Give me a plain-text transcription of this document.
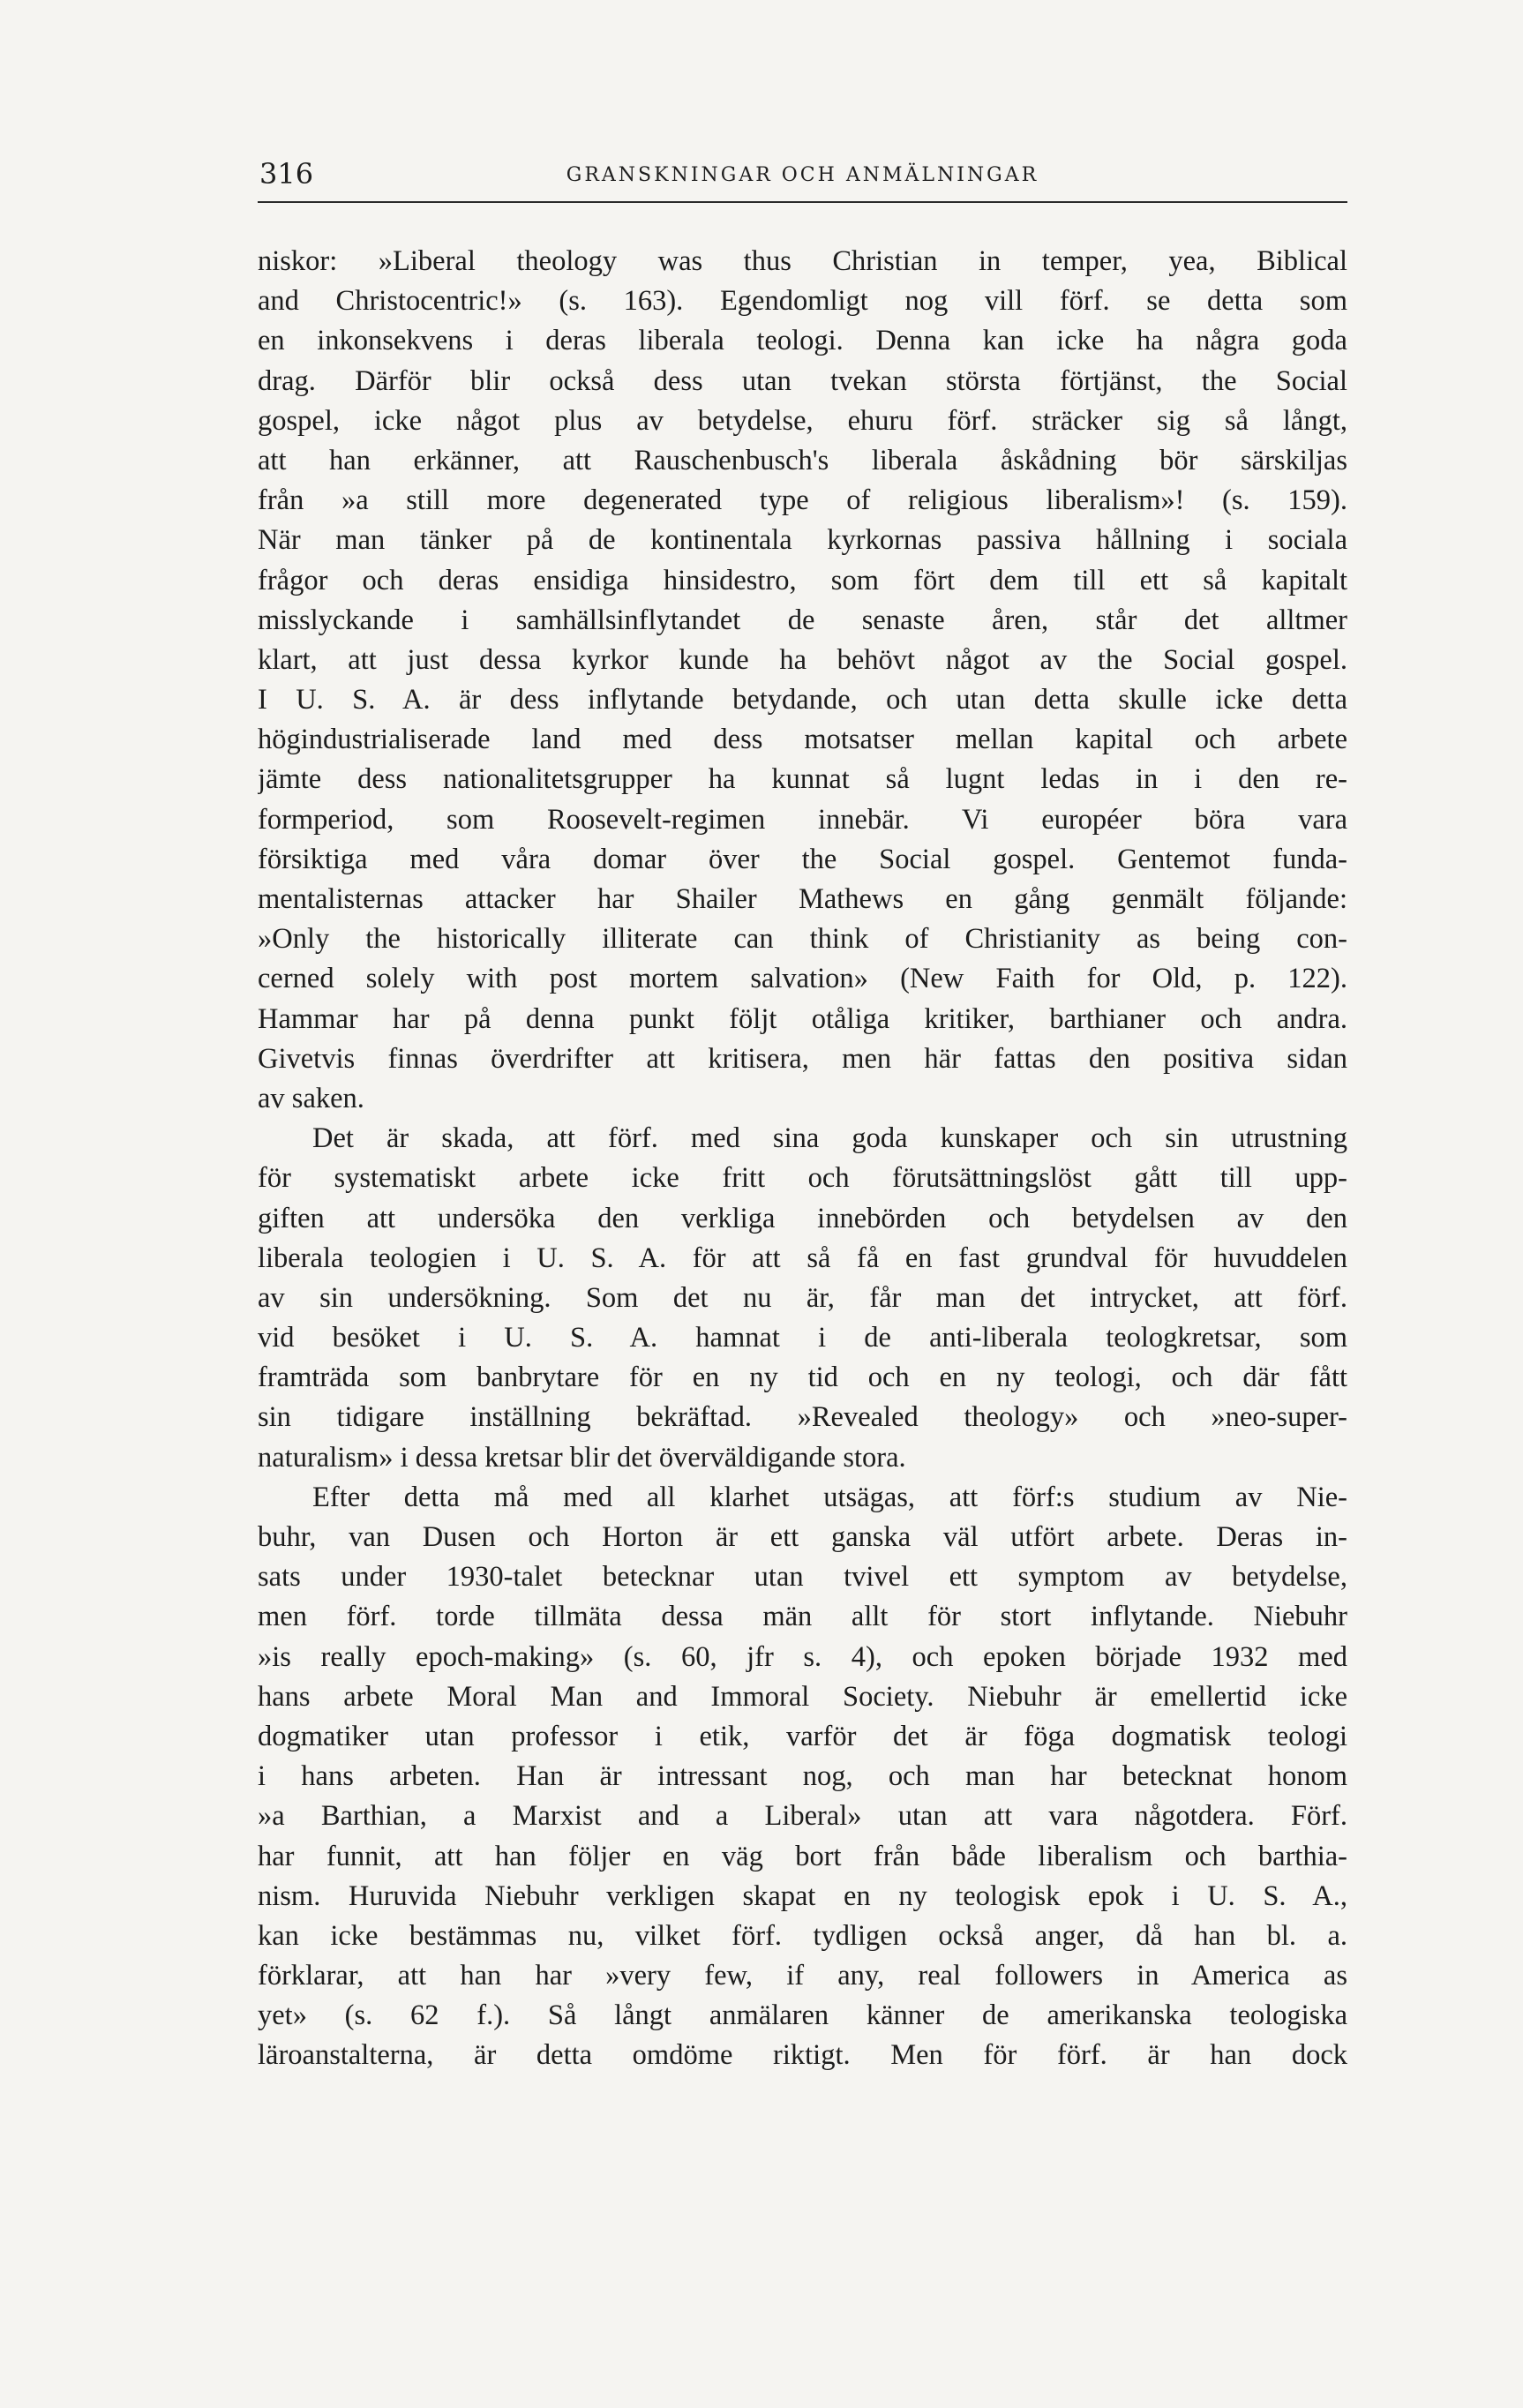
316	GRANSKNINGAR OCH ANMÄLNINGAR
niskor: »Liberal theology was thus Christian in temper, yea, Biblical
and Christocentric!» (s. 163). Egendomligt nog vill förf. se detta som
en inkonsekvens i deras liberala teologi. Denna kan icke ha några goda
drag. Därför blir också dess utan tvekan största förtjänst, the Social
gospel, icke något plus av betydelse, ehuru förf. sträcker sig så långt,
att han erkänner, att Rauschenbusch's liberala åskådning bör särskiljas
från »a still more degenerated type of religious liberalism»! (s. 159).
När man tänker på de kontinentala kyrkornas passiva hållning i sociala
frågor och deras ensidiga hinsidestro, som fört dem till ett så kapitalt
misslyckande i samhällsinflytandet de senaste åren, står det alltmer
klart, att just dessa kyrkor kunde ha behövt något av the Social gospel.
I U. S. A. är dess inflytande betydande, och utan detta skulle icke detta
högindustrialiserade land med dess motsatser mellan kapital och arbete
jämte dess nationalitetsgrupper ha kunnat så lugnt ledas in i den re-
formperiod, som Roosevelt-regimen innebär. Vi européer böra vara
försiktiga med våra domar över the Social gospel. Gentemot funda-
mentalisternas attacker har Shailer Mathews en gång genmält följande:
»Only the historically illiterate can think of Christianity as being con-
cerned solely with post mortem salvation» (New Faith for Old, p. 122).
Hammar har på denna punkt följt otåliga kritiker, barthianer och andra.
Givetvis finnas överdrifter att kritisera, men här fattas den positiva sidan
av saken.
Det är skada, att förf. med sina goda kunskaper och sin utrustning
för systematiskt arbete icke fritt och förutsättningslöst gått till upp-
giften att undersöka den verkliga innebörden och betydelsen av den
liberala teologien i U. S. A. för att så få en fast grundval för huvuddelen
av sin undersökning. Som det nu är, får man det intrycket, att förf.
vid besöket i U. S. A. hamnat i de anti-liberala teologkretsar, som
framträda som banbrytare för en ny tid och en ny teologi, och där fått
sin tidigare inställning bekräftad. »Revealed theology» och »neo-super-
naturalism» i dessa kretsar blir det överväldigande stora.
Efter detta må med all klarhet utsägas, att förf:s studium av Nie-
buhr, van Dusen och Horton är ett ganska väl utfört arbete. Deras in-
sats under 1930-talet betecknar utan tvivel ett symptom av betydelse,
men förf. torde tillmäta dessa män allt för stort inflytande. Niebuhr
»is really epoch-making» (s. 60, jfr s. 4), och epoken började 1932 med
hans arbete Moral Man and Immoral Society. Niebuhr är emellertid icke
dogmatiker utan professor i etik, varför det är föga dogmatisk teologi
i hans arbeten. Han är intressant nog, och man har betecknat honom
»a Barthian, a Marxist and a Liberal» utan att vara någotdera. Förf.
har funnit, att han följer en väg bort från både liberalism och barthia-
nism. Huruvida Niebuhr verkligen skapat en ny teologisk epok i U. S. A.,
kan icke bestämmas nu, vilket förf. tydligen också anger, då han bl. a.
förklarar, att han har »very few, if any, real followers in America as
yet» (s. 62 f.). Så långt anmälaren känner de amerikanska teologiska
läroanstalterna, är detta omdöme riktigt. Men för förf. är han dock
